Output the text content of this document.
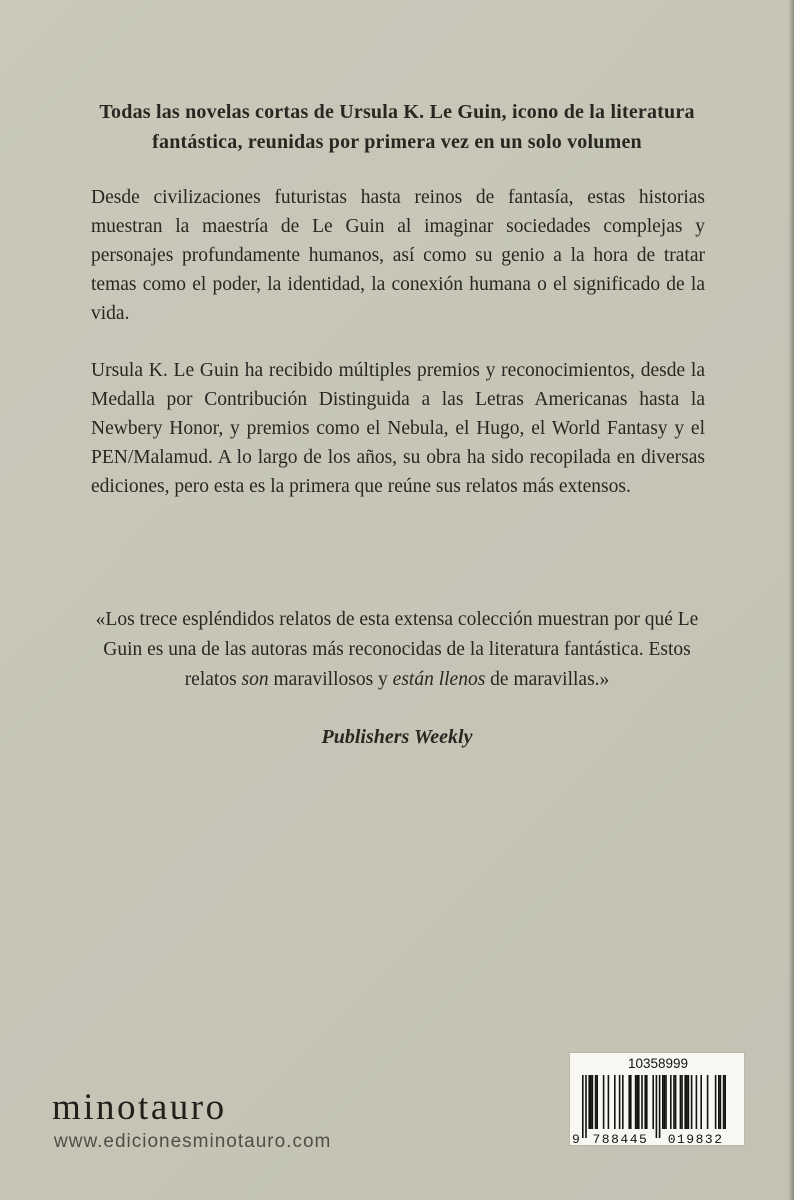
Todas las novelas cortas de Ursula K. Le Guin, icono de la literatura fantástica, reunidas por primera vez en un solo volumen

Desde civilizaciones futuristas hasta reinos de fantasía, estas historias muestran la maestría de Le Guin al imaginar sociedades complejas y personajes profundamente humanos, así como su genio a la hora de tratar temas como el poder, la identidad, la conexión humana o el significado de la vida.

Ursula K. Le Guin ha recibido múltiples premios y reconocimientos, desde la Medalla por Contribución Distinguida a las Letras Americanas hasta la Newbery Honor, y premios como el Nebula, el Hugo, el World Fantasy y el PEN/Malamud. A lo largo de los años, su obra ha sido recopilada en diversas ediciones, pero esta es la primera que reúne sus relatos más extensos.

«Los trece espléndidos relatos de esta extensa colección muestran por qué Le Guin es una de las autoras más reconocidas de la literatura fantástica. Estos relatos son maravillosos y están llenos de maravillas.»

Publishers Weekly

minotauro
www.edicionesminotauro.com
10358999
9 788445 019832
